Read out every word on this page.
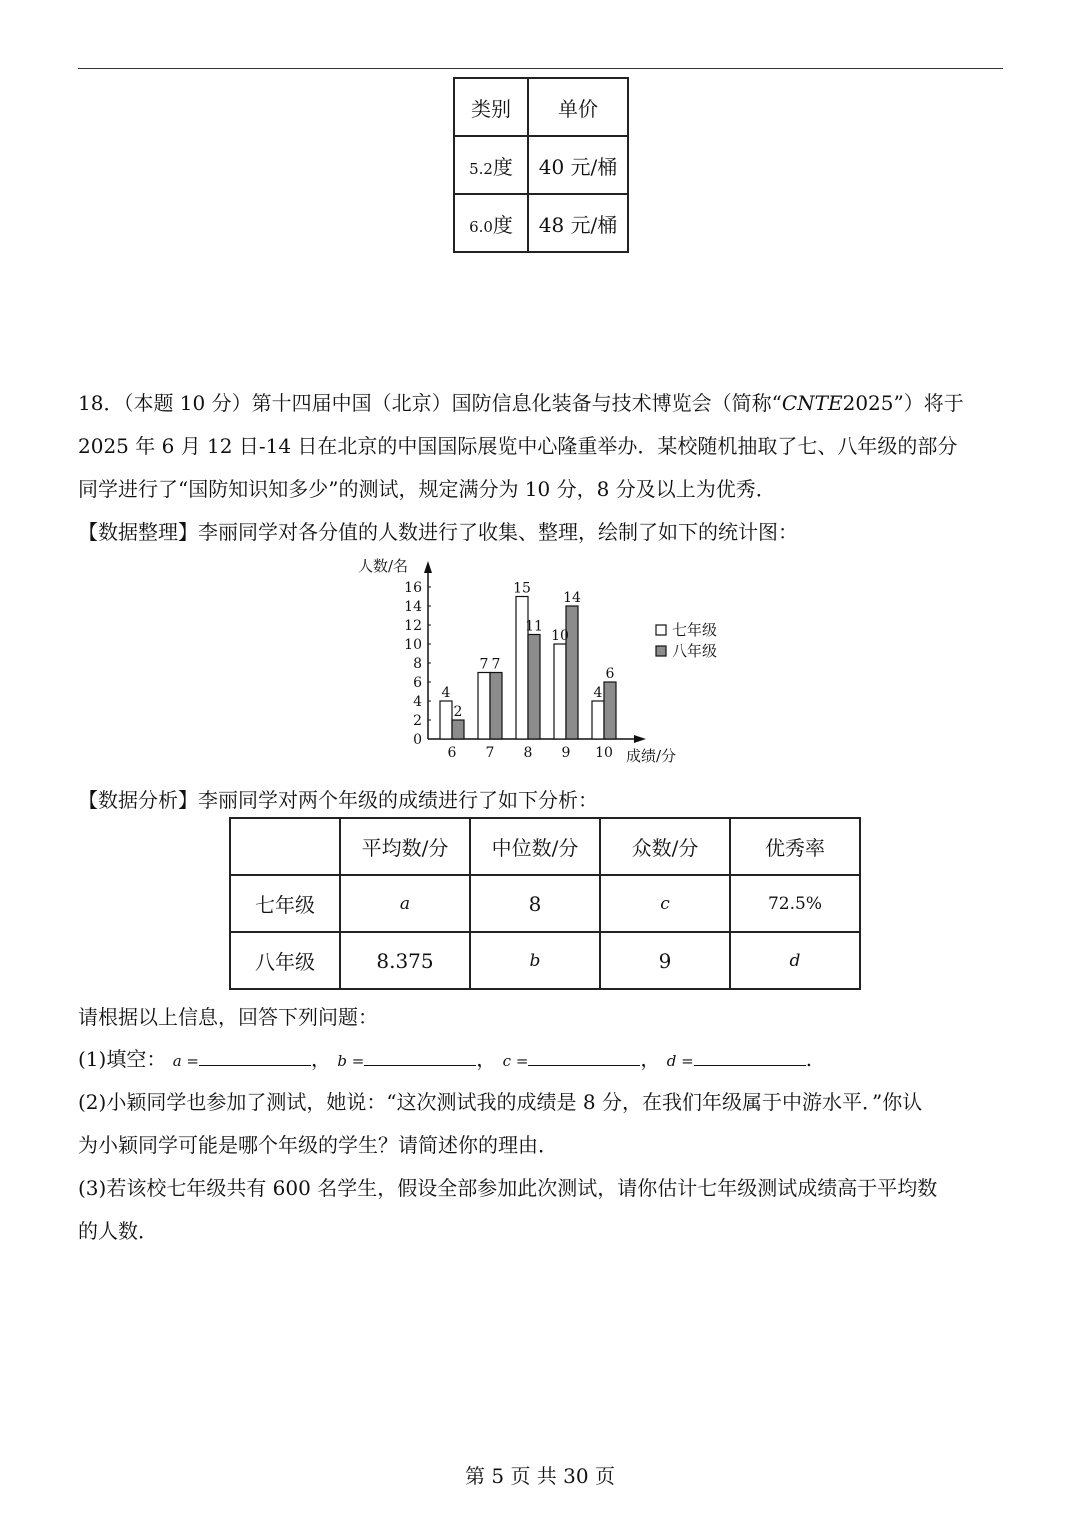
类别	单价
5.2度	40 元/桶
6.0度	48 元/桶
18．（本题 10 分）第十四届中国（北京）国防信息化装备与技术博览会（简称“CNTE2025”）将于
2025 年 6 月 12 日-14 日在北京的中国国际展览中心隆重举办．某校随机抽取了七、八年级的部分
同学进行了“国防知识知多少”的测试，规定满分为 10 分，8 分及以上为优秀．
【数据整理】李丽同学对各分值的人数进行了收集、整理，绘制了如下的统计图：
0
2
4
6
8
10
12
14
16
人数/名
成绩/分
4
2
6
7 7
7
15
11
8
10
14
9
4
6
10
七年级
八年级
【数据分析】李丽同学对两个年级的成绩进行了如下分析：
	平均数/分	中位数/分	众数/分	优秀率
七年级	a	8	c	72.5%
八年级	8.375	b	9	d
请根据以上信息，回答下列问题：
(1)填空： a =	， b =	， c =	， d =	.
(2)小颖同学也参加了测试，她说：“这次测试我的成绩是 8 分，在我们年级属于中游水平．”你认
为小颖同学可能是哪个年级的学生？请简述你的理由．
(3)若该校七年级共有 600 名学生，假设全部参加此次测试，请你估计七年级测试成绩高于平均数
的人数．
第 5 页 共 30 页
